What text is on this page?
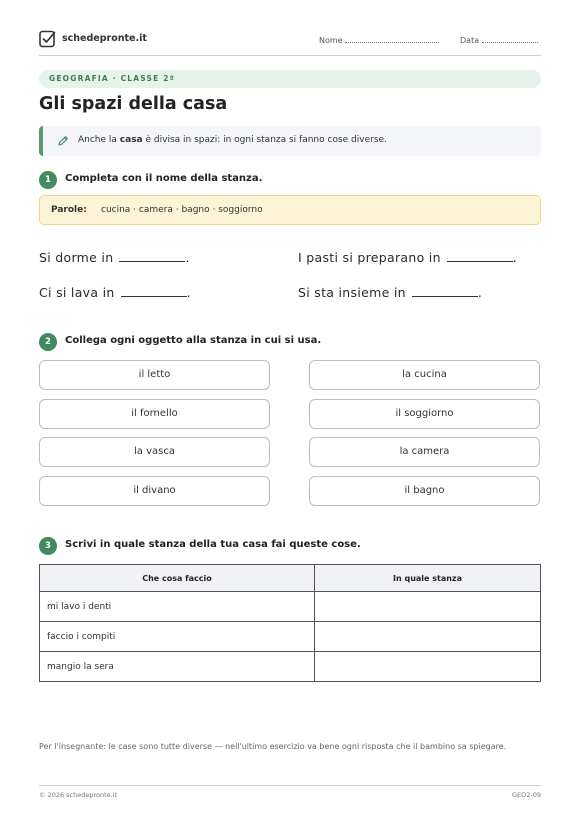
schedepronte.it	Nome	Data
GEOGRAFIA · CLASSE 2ª
Gli spazi della casa
Anche la casa è divisa in spazi: in ogni stanza si fanno cose diverse.
1	Completa con il nome della stanza.
Parole: cucina · camera · bagno · soggiorno
Si dorme in	.	I pasti si preparano in	.
Ci si lava in	.	Si sta insieme in	.
2	Collega ogni oggetto alla stanza in cui si usa.
il letto
il fornello
la vasca
il divano
la cucina
il soggiorno
la camera
il bagno
3	Scrivi in quale stanza della tua casa fai queste cose.
Che cosa faccio	In quale stanza
mi lavo i denti	
faccio i compiti	
mangio la sera	
Per l'insegnante: le case sono tutte diverse — nell'ultimo esercizio va bene ogni risposta che il bambino sa spiegare.
© 2026 schedepronte.it	GEO2-09
